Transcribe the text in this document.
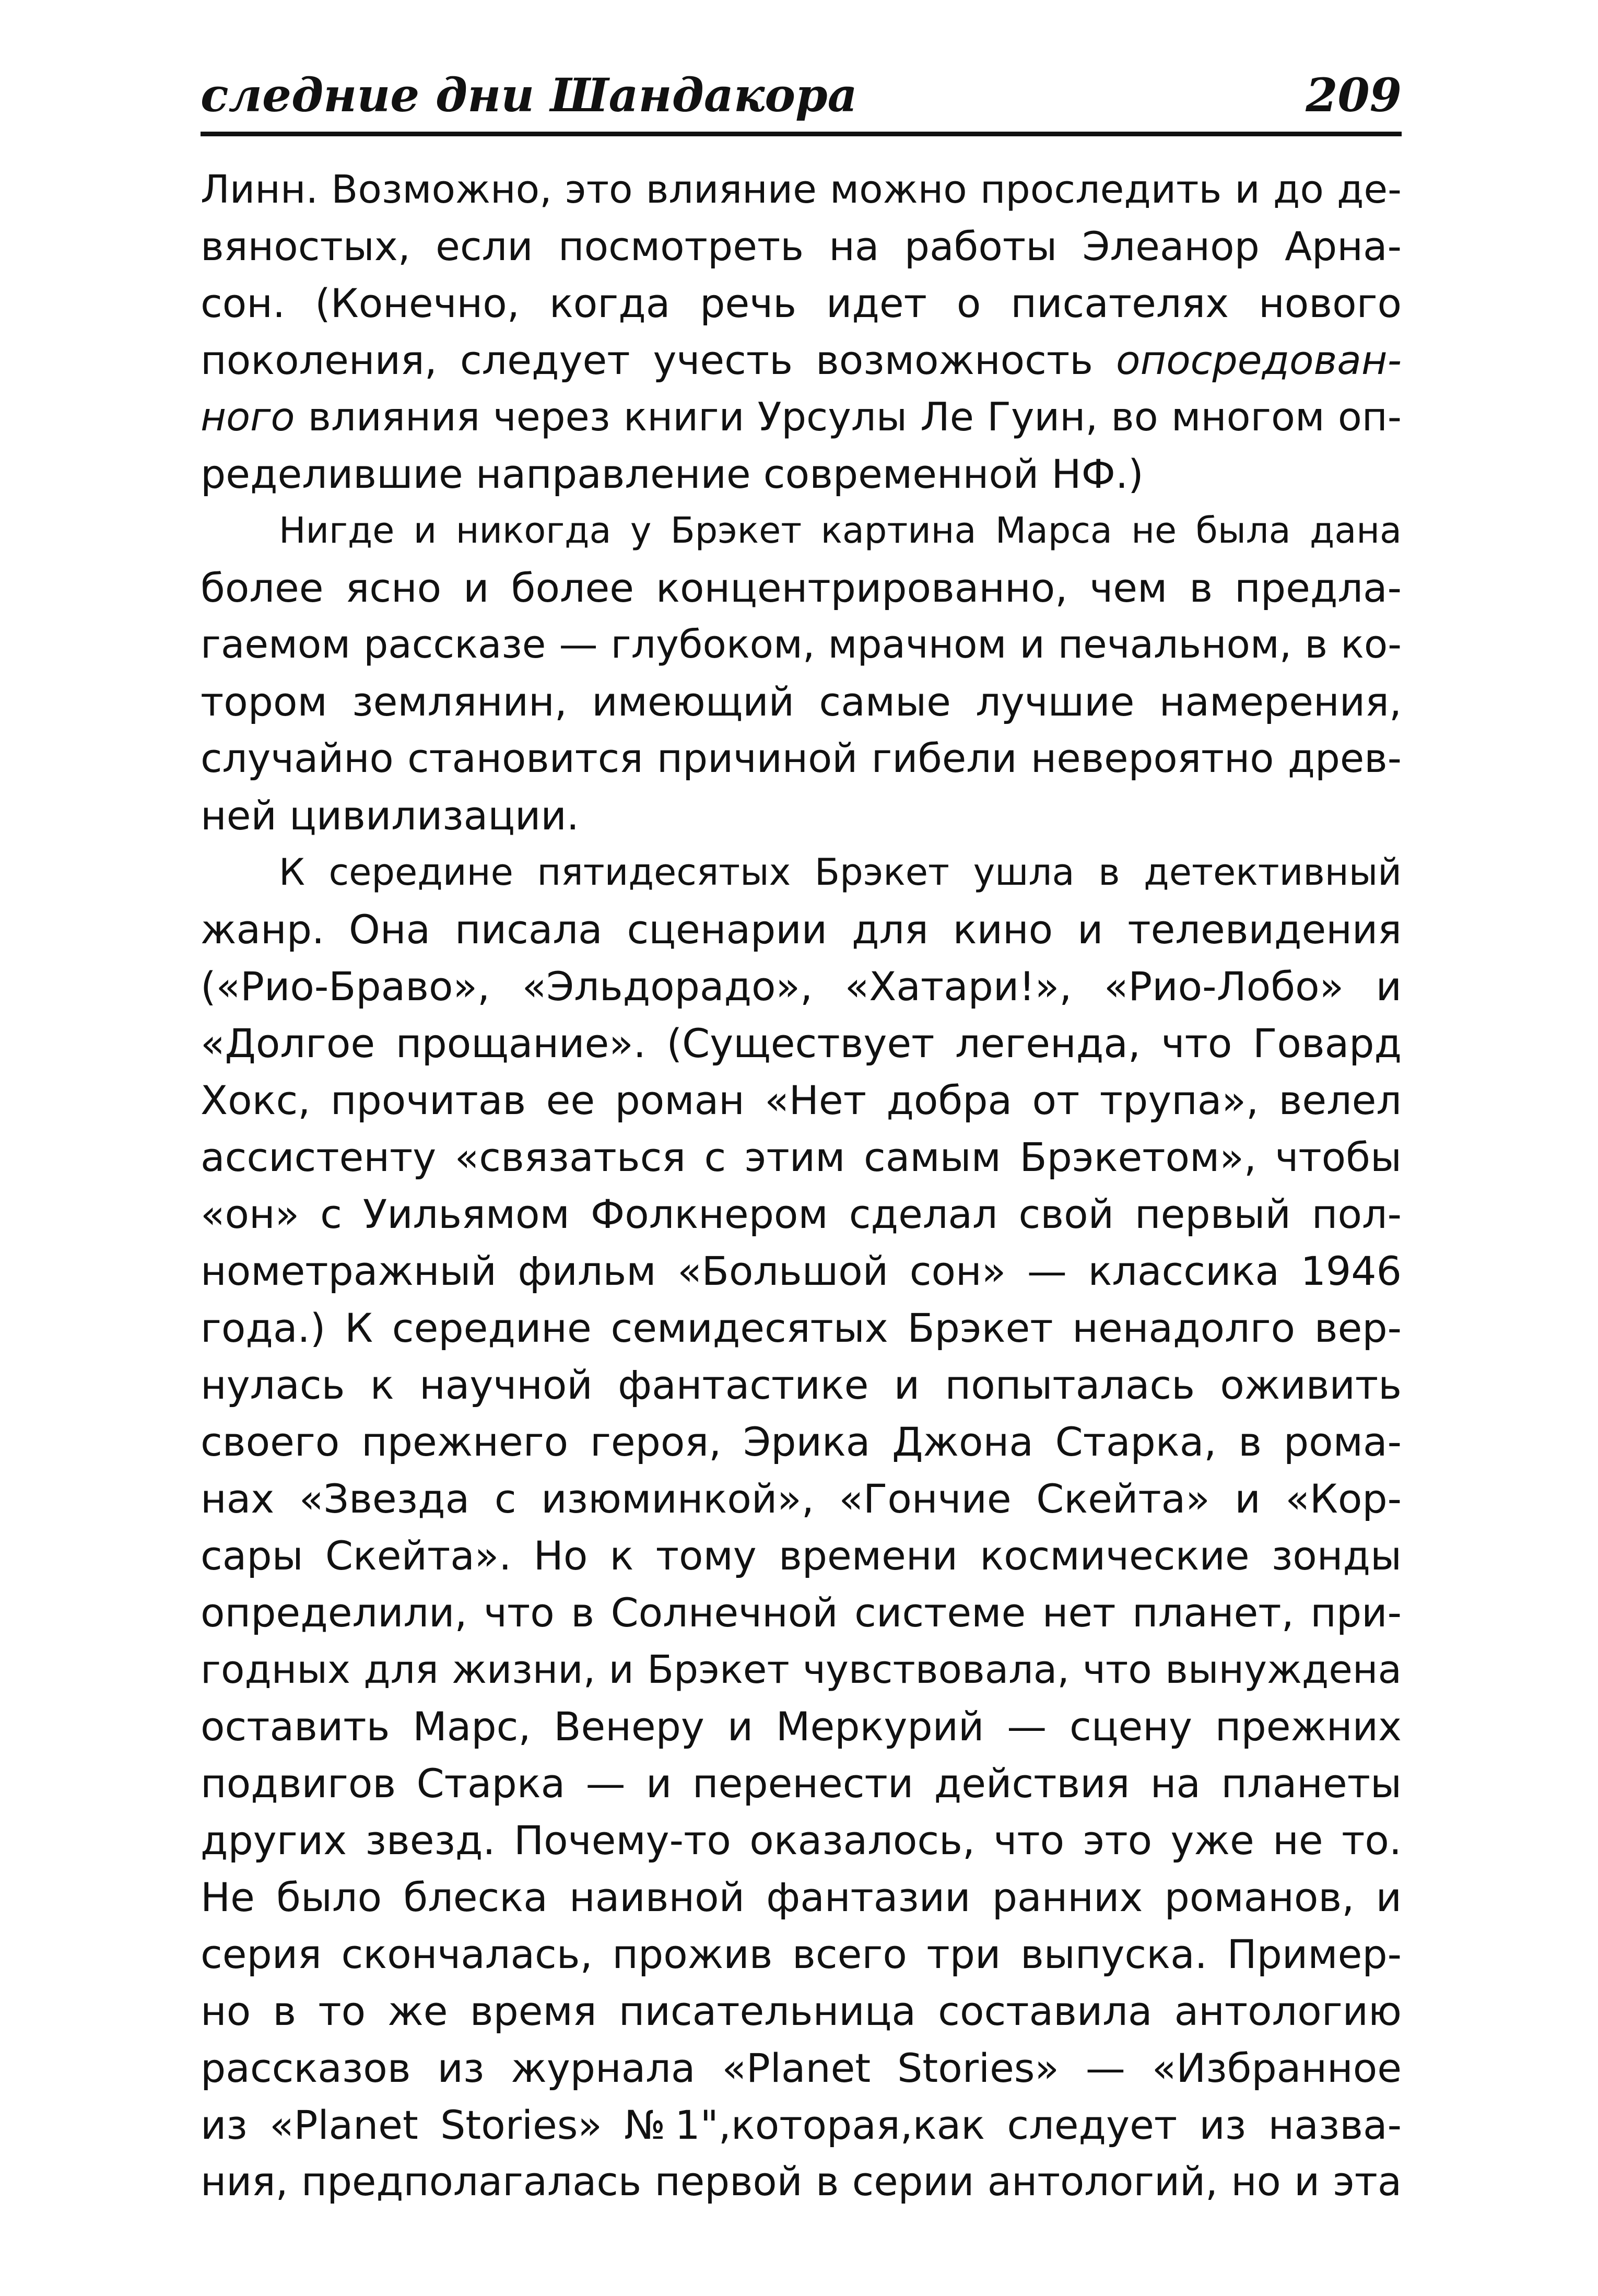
следние дни Шандакора	209
Линн. Возможно, это влияние можно проследить и до де-
вяностых, если посмотреть на работы Элеанор Арна-
сон. (Конечно, когда речь идет о писателях нового
поколения, следует учесть возможность опосредован-
ного влияния через книги Урсулы Ле Гуин, во многом оп-
ределившие направление современной НФ.)
Нигде и никогда у Брэкет картина Марса не была дана
более ясно и более концентрированно, чем в предла-
гаемом рассказе — глубоком, мрачном и печальном, в ко-
тором землянин, имеющий самые лучшие намерения,
случайно становится причиной гибели невероятно древ-
ней цивилизации.
К середине пятидесятых Брэкет ушла в детективный
жанр. Она писала сценарии для кино и телевидения
(«Рио-Браво», «Эльдорадо», «Хатари!», «Рио-Лобо» и
«Долгое прощание». (Существует легенда, что Говард
Хокс, прочитав ее роман «Нет добра от трупа», велел
ассистенту «связаться с этим самым Брэкетом», чтобы
«он» с Уильямом Фолкнером сделал свой первый пол-
нометражный фильм «Большой сон» — классика 1946
года.) К середине семидесятых Брэкет ненадолго вер-
нулась к научной фантастике и попыталась оживить
своего прежнего героя, Эрика Джона Старка, в рома-
нах «Звезда с изюминкой», «Гончие Скейта» и «Кор-
сары Скейта». Но к тому времени космические зонды
определили, что в Солнечной системе нет планет, при-
годных для жизни, и Брэкет чувствовала, что вынуждена
оставить Марс, Венеру и Меркурий — сцену прежних
подвигов Старка — и перенести действия на планеты
других звезд. Почему-то оказалось, что это уже не то.
Не было блеска наивной фантазии ранних романов, и
серия скончалась, прожив всего три выпуска. Пример-
но в то же время писательница составила антологию
рассказов из журнала «Planet Stories» — «Избранное
из «Planet Stories» №1",которая,как следует из назва-
ния, предполагалась первой в серии антологий, но и эта
